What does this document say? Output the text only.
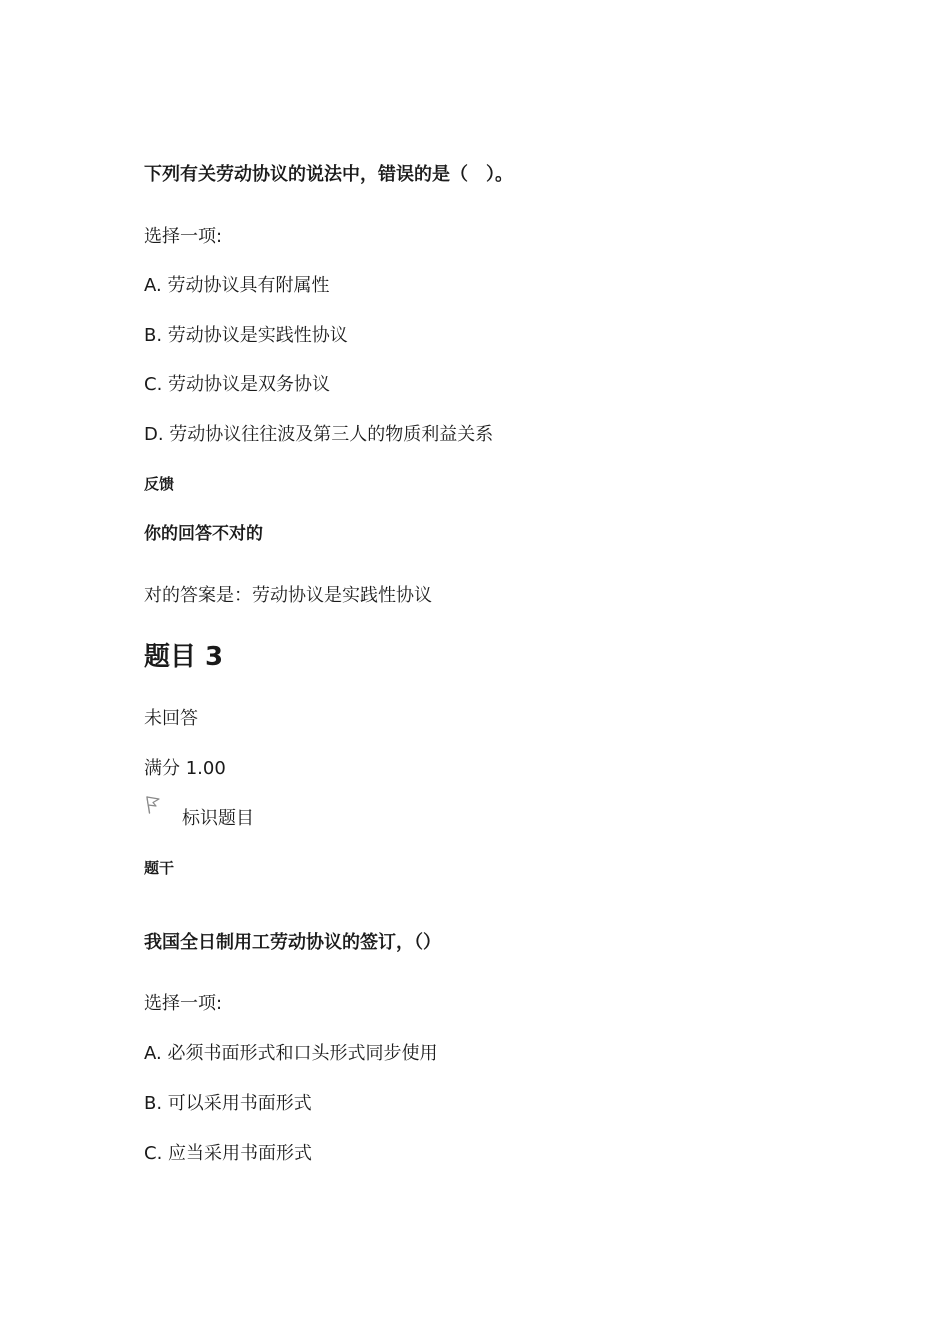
下列有关劳动协议的说法中，错误的是（　）。
选择一项:
A. 劳动协议具有附属性
B. 劳动协议是实践性协议
C. 劳动协议是双务协议
D. 劳动协议往往波及第三人的物质利益关系
反馈
你的回答不对的
对的答案是：劳动协议是实践性协议
题目 3
未回答
满分 1.00
标识题目
题干
我国全日制用工劳动协议的签订，（）
选择一项:
A. 必须书面形式和口头形式同步使用
B. 可以采用书面形式
C. 应当采用书面形式
